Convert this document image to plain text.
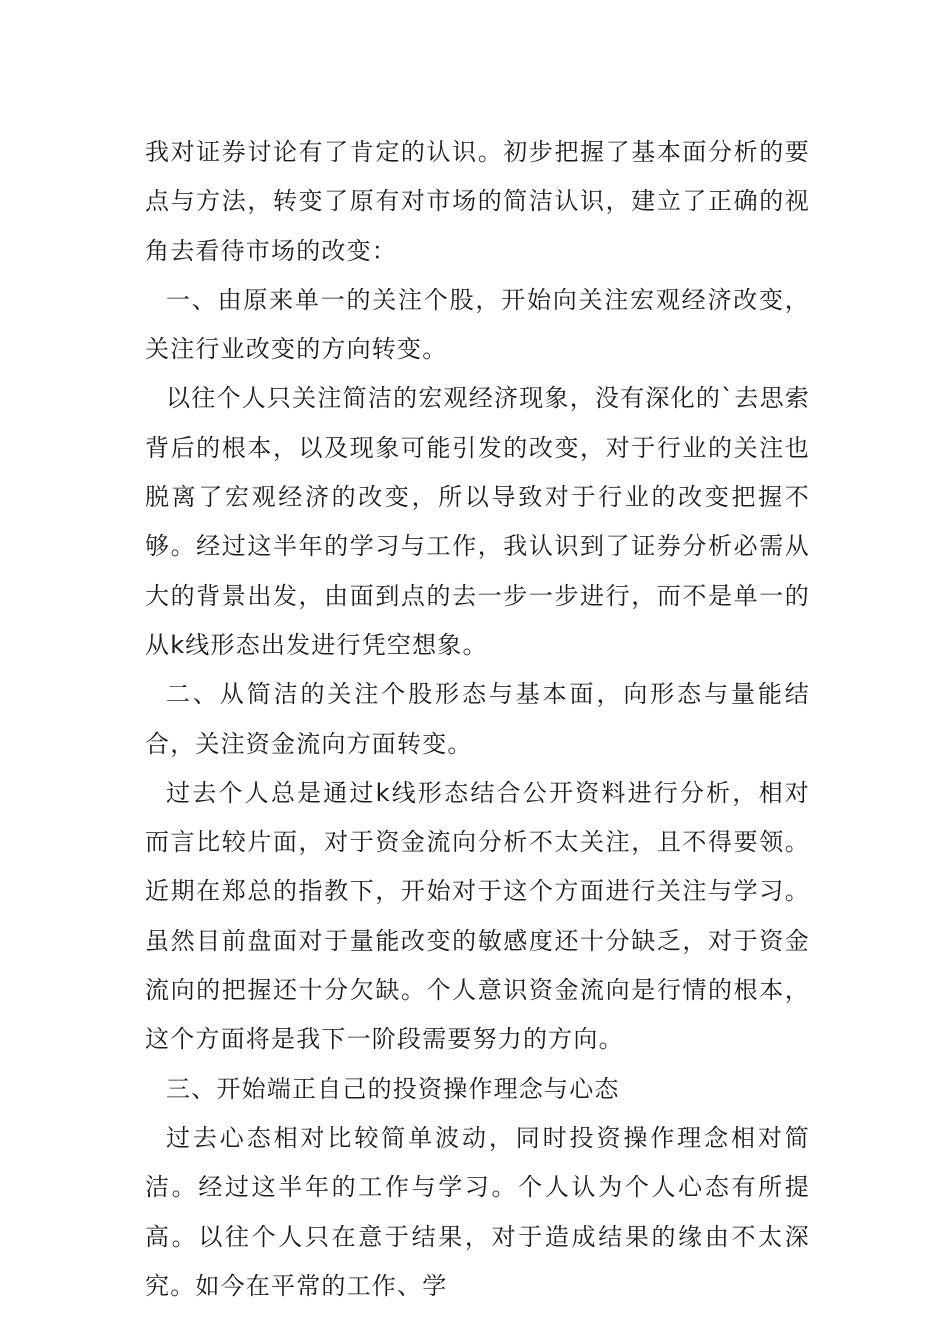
我对证券讨论有了肯定的认识。初步把握了基本面分析的要点与方法，转变了原有对市场的简洁认识，建立了正确的视角去看待市场的改变：

一、由原来单一的关注个股，开始向关注宏观经济改变，关注行业改变的方向转变。

以往个人只关注简洁的宏观经济现象，没有深化的`去思索背后的根本，以及现象可能引发的改变，对于行业的关注也脱离了宏观经济的改变，所以导致对于行业的改变把握不够。经过这半年的学习与工作，我认识到了证券分析必需从大的背景出发，由面到点的去一步一步进行，而不是单一的从k线形态出发进行凭空想象。

二、从简洁的关注个股形态与基本面，向形态与量能结合，关注资金流向方面转变。

过去个人总是通过k线形态结合公开资料进行分析，相对而言比较片面，对于资金流向分析不太关注，且不得要领。近期在郑总的指教下，开始对于这个方面进行关注与学习。虽然目前盘面对于量能改变的敏感度还十分缺乏，对于资金流向的把握还十分欠缺。个人意识资金流向是行情的根本，这个方面将是我下一阶段需要努力的方向。

三、开始端正自己的投资操作理念与心态

过去心态相对比较简单波动，同时投资操作理念相对简洁。经过这半年的工作与学习。个人认为个人心态有所提高。以往个人只在意于结果，对于造成结果的缘由不太深究。如今在平常的工作、学
